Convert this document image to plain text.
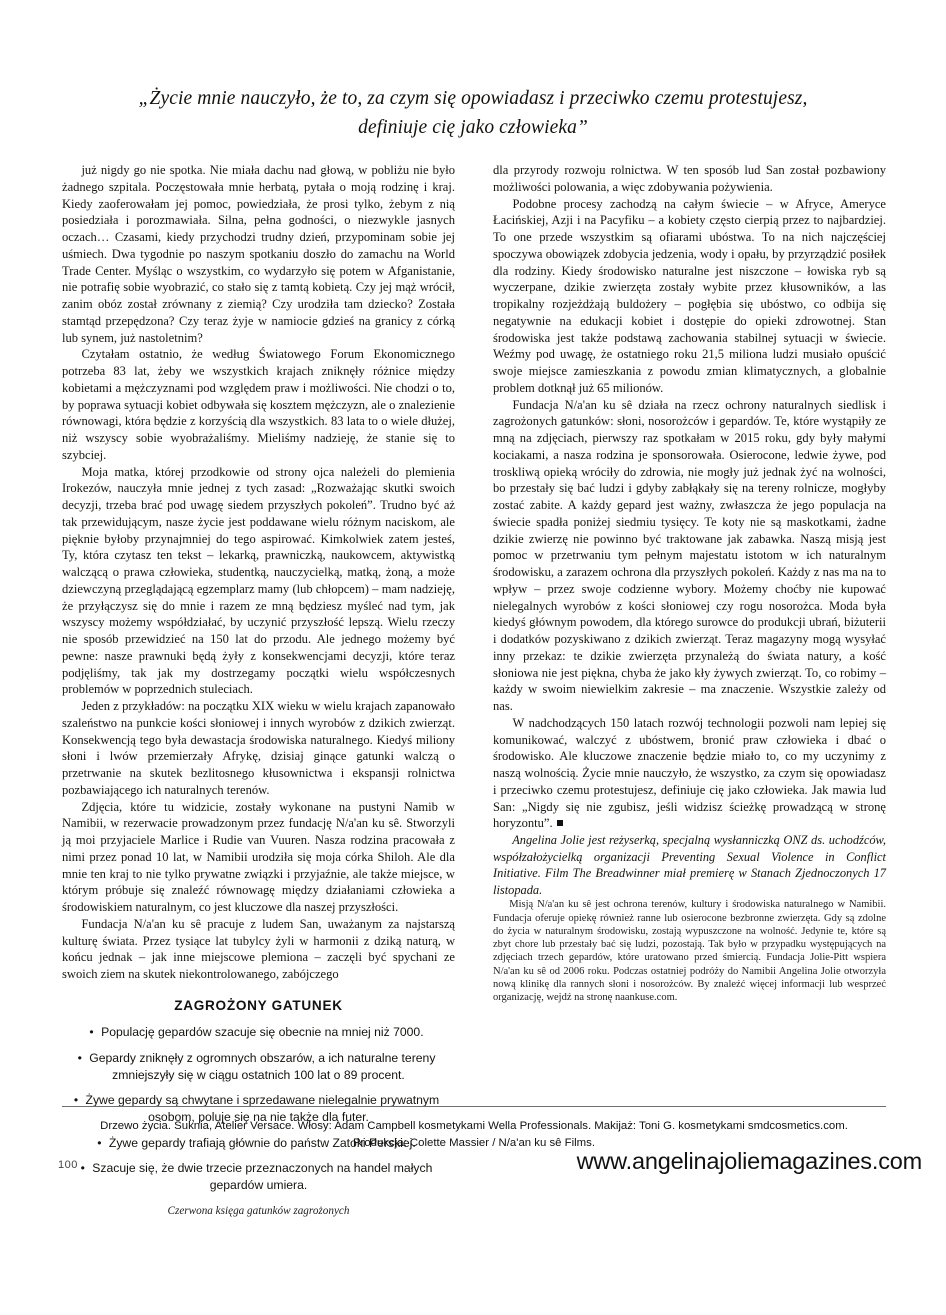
„Życie mnie nauczyło, że to, za czym się opowiadasz i przeciwko czemu protestujesz,
definiuje cię jako człowieka”

już nigdy go nie spotka. Nie miała dachu nad głową, w pobliżu nie było żadnego szpitala. Poczęstowała mnie herbatą, pytała o moją rodzinę i kraj. Kiedy zaoferowałam jej pomoc, powiedziała, że prosi tylko, żebym z nią posiedziała i porozmawiała. Silna, pełna godności, o niezwykle jasnych oczach… Czasami, kiedy przychodzi trudny dzień, przypominam sobie jej uśmiech. Dwa tygodnie po naszym spotkaniu doszło do zamachu na World Trade Center. Myśląc o wszystkim, co wydarzyło się potem w Afganistanie, nie potrafię sobie wyobrazić, co stało się z tamtą kobietą. Czy jej mąż wrócił, zanim obóz został zrównany z ziemią? Czy urodziła tam dziecko? Została stamtąd przepędzona? Czy teraz żyje w namiocie gdzieś na granicy z córką lub synem, już nastoletnim?

Czytałam ostatnio, że według Światowego Forum Ekonomicznego potrzeba 83 lat, żeby we wszystkich krajach zniknęły różnice między kobietami a mężczyznami pod względem praw i możliwości. Nie chodzi o to, by poprawa sytuacji kobiet odbywała się kosztem mężczyzn, ale o znalezienie równowagi, która będzie z korzyścią dla wszystkich. 83 lata to o wiele dłużej, niż wszyscy sobie wyobrażaliśmy. Mieliśmy nadzieję, że stanie się to szybciej.

Moja matka, której przodkowie od strony ojca należeli do plemienia Irokezów, nauczyła mnie jednej z tych zasad: „Rozważając skutki swoich decyzji, trzeba brać pod uwagę siedem przyszłych pokoleń”. Trudno być aż tak przewidującym, nasze życie jest poddawane wielu różnym naciskom, ale pięknie byłoby przynajmniej do tego aspirować. Kimkolwiek zatem jesteś, Ty, która czytasz ten tekst – lekarką, prawniczką, naukowcem, aktywistką walczącą o prawa człowieka, studentką, nauczycielką, matką, żoną, a może dziewczyną przeglądającą egzemplarz mamy (lub chłopcem) – mam nadzieję, że przyłączysz się do mnie i razem ze mną będziesz myśleć nad tym, jak wszyscy możemy współdziałać, by uczynić przyszłość lepszą. Wielu rzeczy nie sposób przewidzieć na 150 lat do przodu. Ale jednego możemy być pewne: nasze prawnuki będą żyły z konsekwencjami decyzji, które teraz podjęliśmy, tak jak my dostrzegamy początki wielu współczesnych problemów w poprzednich stuleciach.

Jeden z przykładów: na początku XIX wieku w wielu krajach zapanowało szaleństwo na punkcie kości słoniowej i innych wyrobów z dzikich zwierząt. Konsekwencją tego była dewastacja środowiska naturalnego. Kiedyś miliony słoni i lwów przemierzały Afrykę, dzisiaj ginące gatunki walczą o przetrwanie na skutek bezlitosnego kłusownictwa i ekspansji rolnictwa pozbawiającego ich naturalnych terenów.

Zdjęcia, które tu widzicie, zostały wykonane na pustyni Namib w Namibii, w rezerwacie prowadzonym przez fundację N/a'an ku sê. Stworzyli ją moi przyjaciele Marlice i Rudie van Vuuren. Nasza rodzina pracowała z nimi przez ponad 10 lat, w Namibii urodziła się moja córka Shiloh. Ale dla mnie ten kraj to nie tylko prywatne związki i przyjaźnie, ale także miejsce, w którym próbuje się znaleźć równowagę między działaniami człowieka a środowiskiem naturalnym, co jest kluczowe dla naszej przyszłości.

Fundacja N/a'an ku sê pracuje z ludem San, uważanym za najstarszą kulturę świata. Przez tysiące lat tubylcy żyli w harmonii z dziką naturą, w końcu jednak – jak inne miejscowe plemiona – zaczęli być spychani ze swoich ziem na skutek niekontrolowanego, zabójczego

ZAGROŻONY GATUNEK
• Populację gepardów szacuje się obecnie na mniej niż 7000.
• Gepardy zniknęły z ogromnych obszarów, a ich naturalne tereny zmniejszyły się w ciągu ostatnich 100 lat o 89 procent.
• Żywe gepardy są chwytane i sprzedawane nielegalnie prywatnym osobom, poluje się na nie także dla futer.
• Żywe gepardy trafiają głównie do państw Zatoki Perskiej.
• Szacuje się, że dwie trzecie przeznaczonych na handel małych gepardów umiera.
Czerwona księga gatunków zagrożonych

dla przyrody rozwoju rolnictwa. W ten sposób lud San został pozbawiony możliwości polowania, a więc zdobywania pożywienia.

Podobne procesy zachodzą na całym świecie – w Afryce, Ameryce Łacińskiej, Azji i na Pacyfiku – a kobiety często cierpią przez to najbardziej. To one przede wszystkim są ofiarami ubóstwa. To na nich najczęściej spoczywa obowiązek zdobycia jedzenia, wody i opału, by przyrządzić posiłek dla rodziny. Kiedy środowisko naturalne jest niszczone – łowiska ryb są wyczerpane, dzikie zwierzęta zostały wybite przez kłusowników, a las tropikalny rozjeżdżają buldożery – pogłębia się ubóstwo, co odbija się negatywnie na edukacji kobiet i dostępie do opieki zdrowotnej. Stan środowiska jest także podstawą zachowania stabilnej sytuacji w świecie. Weźmy pod uwagę, że ostatniego roku 21,5 miliona ludzi musiało opuścić swoje miejsce zamieszkania z powodu zmian klimatycznych, a globalnie problem dotknął już 65 milionów.

Fundacja N/a'an ku sê działa na rzecz ochrony naturalnych siedlisk i zagrożonych gatunków: słoni, nosorożców i gepardów. Te, które wystąpiły ze mną na zdjęciach, pierwszy raz spotkałam w 2015 roku, gdy były małymi kociakami, a nasza rodzina je sponsorowała. Osierocone, ledwie żywe, pod troskliwą opieką wróciły do zdrowia, nie mogły już jednak żyć na wolności, bo przestały się bać ludzi i gdyby zabłąkały się na tereny rolnicze, mogłyby zostać zabite. A każdy gepard jest ważny, zwłaszcza że jego populacja na świecie spadła poniżej siedmiu tysięcy. Te koty nie są maskotkami, żadne dzikie zwierzę nie powinno być traktowane jak zabawka. Naszą misją jest pomoc w przetrwaniu tym pełnym majestatu istotom w ich naturalnym środowisku, a zarazem ochrona dla przyszłych pokoleń. Każdy z nas ma na to wpływ – przez swoje codzienne wybory. Możemy choćby nie kupować nielegalnych wyrobów z kości słoniowej czy rogu nosorożca. Moda była kiedyś głównym powodem, dla którego surowce do produkcji ubrań, biżuterii i dodatków pozyskiwano z dzikich zwierząt. Teraz magazyny mogą wysyłać inny przekaz: te dzikie zwierzęta przynależą do świata natury, a kość słoniowa nie jest piękna, chyba że jako kły żywych zwierząt. To, co robimy – każdy w swoim niewielkim zakresie – ma znaczenie. Wszystkie zależy od nas.

W nadchodzących 150 latach rozwój technologii pozwoli nam lepiej się komunikować, walczyć z ubóstwem, bronić praw człowieka i dbać o środowisko. Ale kluczowe znaczenie będzie miało to, co my uczynimy z naszą wolnością. Życie mnie nauczyło, że wszystko, za czym się opowiadasz i przeciwko czemu protestujesz, definiuje cię jako człowieka. Jak mawia lud San: „Nigdy się nie zgubisz, jeśli widzisz ścieżkę prowadzącą w stronę horyzontu”.

Angelina Jolie jest reżyserką, specjalną wysłanniczką ONZ ds. uchodźców, współzałożycielką organizacji Preventing Sexual Violence in Conflict Initiative. Film The Breadwinner miał premierę w Stanach Zjednoczonych 17 listopada.

Misją N/a'an ku sê jest ochrona terenów, kultury i środowiska naturalnego w Namibii. Fundacja oferuje opiekę również ranne lub osierocone bezbronne zwierzęta. Gdy są zdolne do życia w naturalnym środowisku, zostają wypuszczone na wolność. Jedynie te, które są zbyt chore lub przestały bać się ludzi, pozostają. Tak było w przypadku występujących na zdjęciach trzech gepardów, które uratowano przed śmiercią. Fundacja Jolie-Pitt wspiera N/a'an ku sê od 2006 roku. Podczas ostatniej podróży do Namibii Angelina Jolie otworzyła nową klinikę dla rannych słoni i nosorożców. By znaleźć więcej informacji lub wesprzeć organizację, wejdź na stronę naankuse.com.

Drzewo życia. Suknia, Atelier Versace. Włosy: Adam Campbell kosmetykami Wella Professionals. Makijaż: Toni G. kosmetykami smdcosmetics.com.
Produkcja: Colette Massier / N/a'an ku sê Films.
100	www.angelinajoliemagazines.com
